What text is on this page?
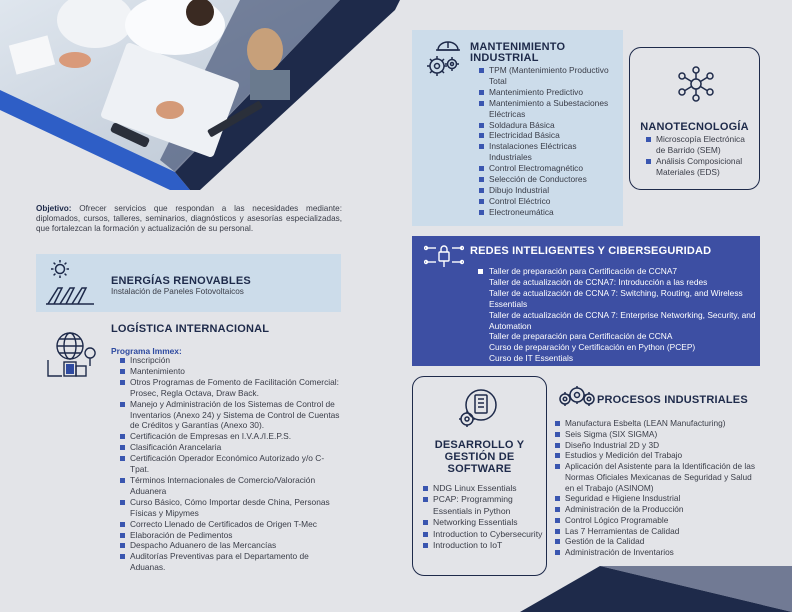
Objetivo: Ofrecer servicios que respondan a las necesidades mediante: diplomados, cursos, talleres, seminarios, diagnósticos y asesorías especializadas, que fortalezcan la formación y actualización de su personal.
ENERGÍAS RENOVABLES
Instalación de Paneles Fotovoltaicos
LOGÍSTICA INTERNACIONAL
Programa Immex:
Inscripción
Mantenimiento
Otros Programas de Fomento de Facilitación Comercial: Prosec, Regla Octava, Draw Back.
Manejo y Administración de los Sistemas de Control de Inventarios (Anexo 24) y Sistema de Control de Cuentas de Créditos y Garantías (Anexo 30).
Certificación de Empresas en I.V.A./I.E.P.S.
Clasificación Arancelaria
Certificación Operador Económico Autorizado y/o C-Tpat.
Términos Internacionales de Comercio/Valoración Aduanera
Curso Básico, Cómo Importar desde China, Personas Físicas y Mipymes
Correcto Llenado de Certificados de Origen T-Mec
Elaboración de Pedimentos
Despacho Aduanero de las Mercancías
Auditorías Preventivas para el Departamento de Aduanas.
MANTENIMIENTO
INDUSTRIAL
TPM (Mantenimiento Productivo Total
Mantenimiento Predictivo
Mantenimiento a Subestaciones Eléctricas
Soldadura Básica
Electricidad Básica
Instalaciones Eléctricas Industriales
Control Electromagnético
Selección de Conductores
Dibujo Industrial
Control Eléctrico
Electroneumática
NANOTECNOLOGÍA
Microscopía Electrónica de Barrido (SEM)
Análisis Composicional Materiales (EDS)
REDES INTELIGENTES Y CIBERSEGURIDAD
Taller de preparación para Certificación de CCNA7
Taller de actualización de CCNA7: Introducción a las redes
Taller de actualización de CCNA 7: Switching, Routing, and Wireless Essentials
Taller de actualización de CCNA 7: Enterprise Networking, Security, and Automation
Taller de preparación para Certificación de CCNA
Curso de preparación y Certificación en Python (PCEP)
Curso de IT Essentials
DESARROLLO Y
GESTIÓN DE
SOFTWARE
NDG Linux Essentials
PCAP: Programming Essentials in Python
Networking Essentials
Introduction to Cybersecurity
Introduction to IoT
PROCESOS INDUSTRIALES
Manufactura Esbelta (LEAN Manufacturing)
Seis Sigma (SIX SIGMA)
Diseño Industrial 2D y 3D
Estudios y Medición del Trabajo
Aplicación del Asistente para la Identificación de las Normas Oficiales Mexicanas de Seguridad y Salud en el Trabajo (ASINOM)
Seguridad e Higiene Insdustrial
Administración de la Producción
Control Lógico Programable
Las 7 Herramientas de Calidad
Gestión de la Calidad
Administración de Inventarios
